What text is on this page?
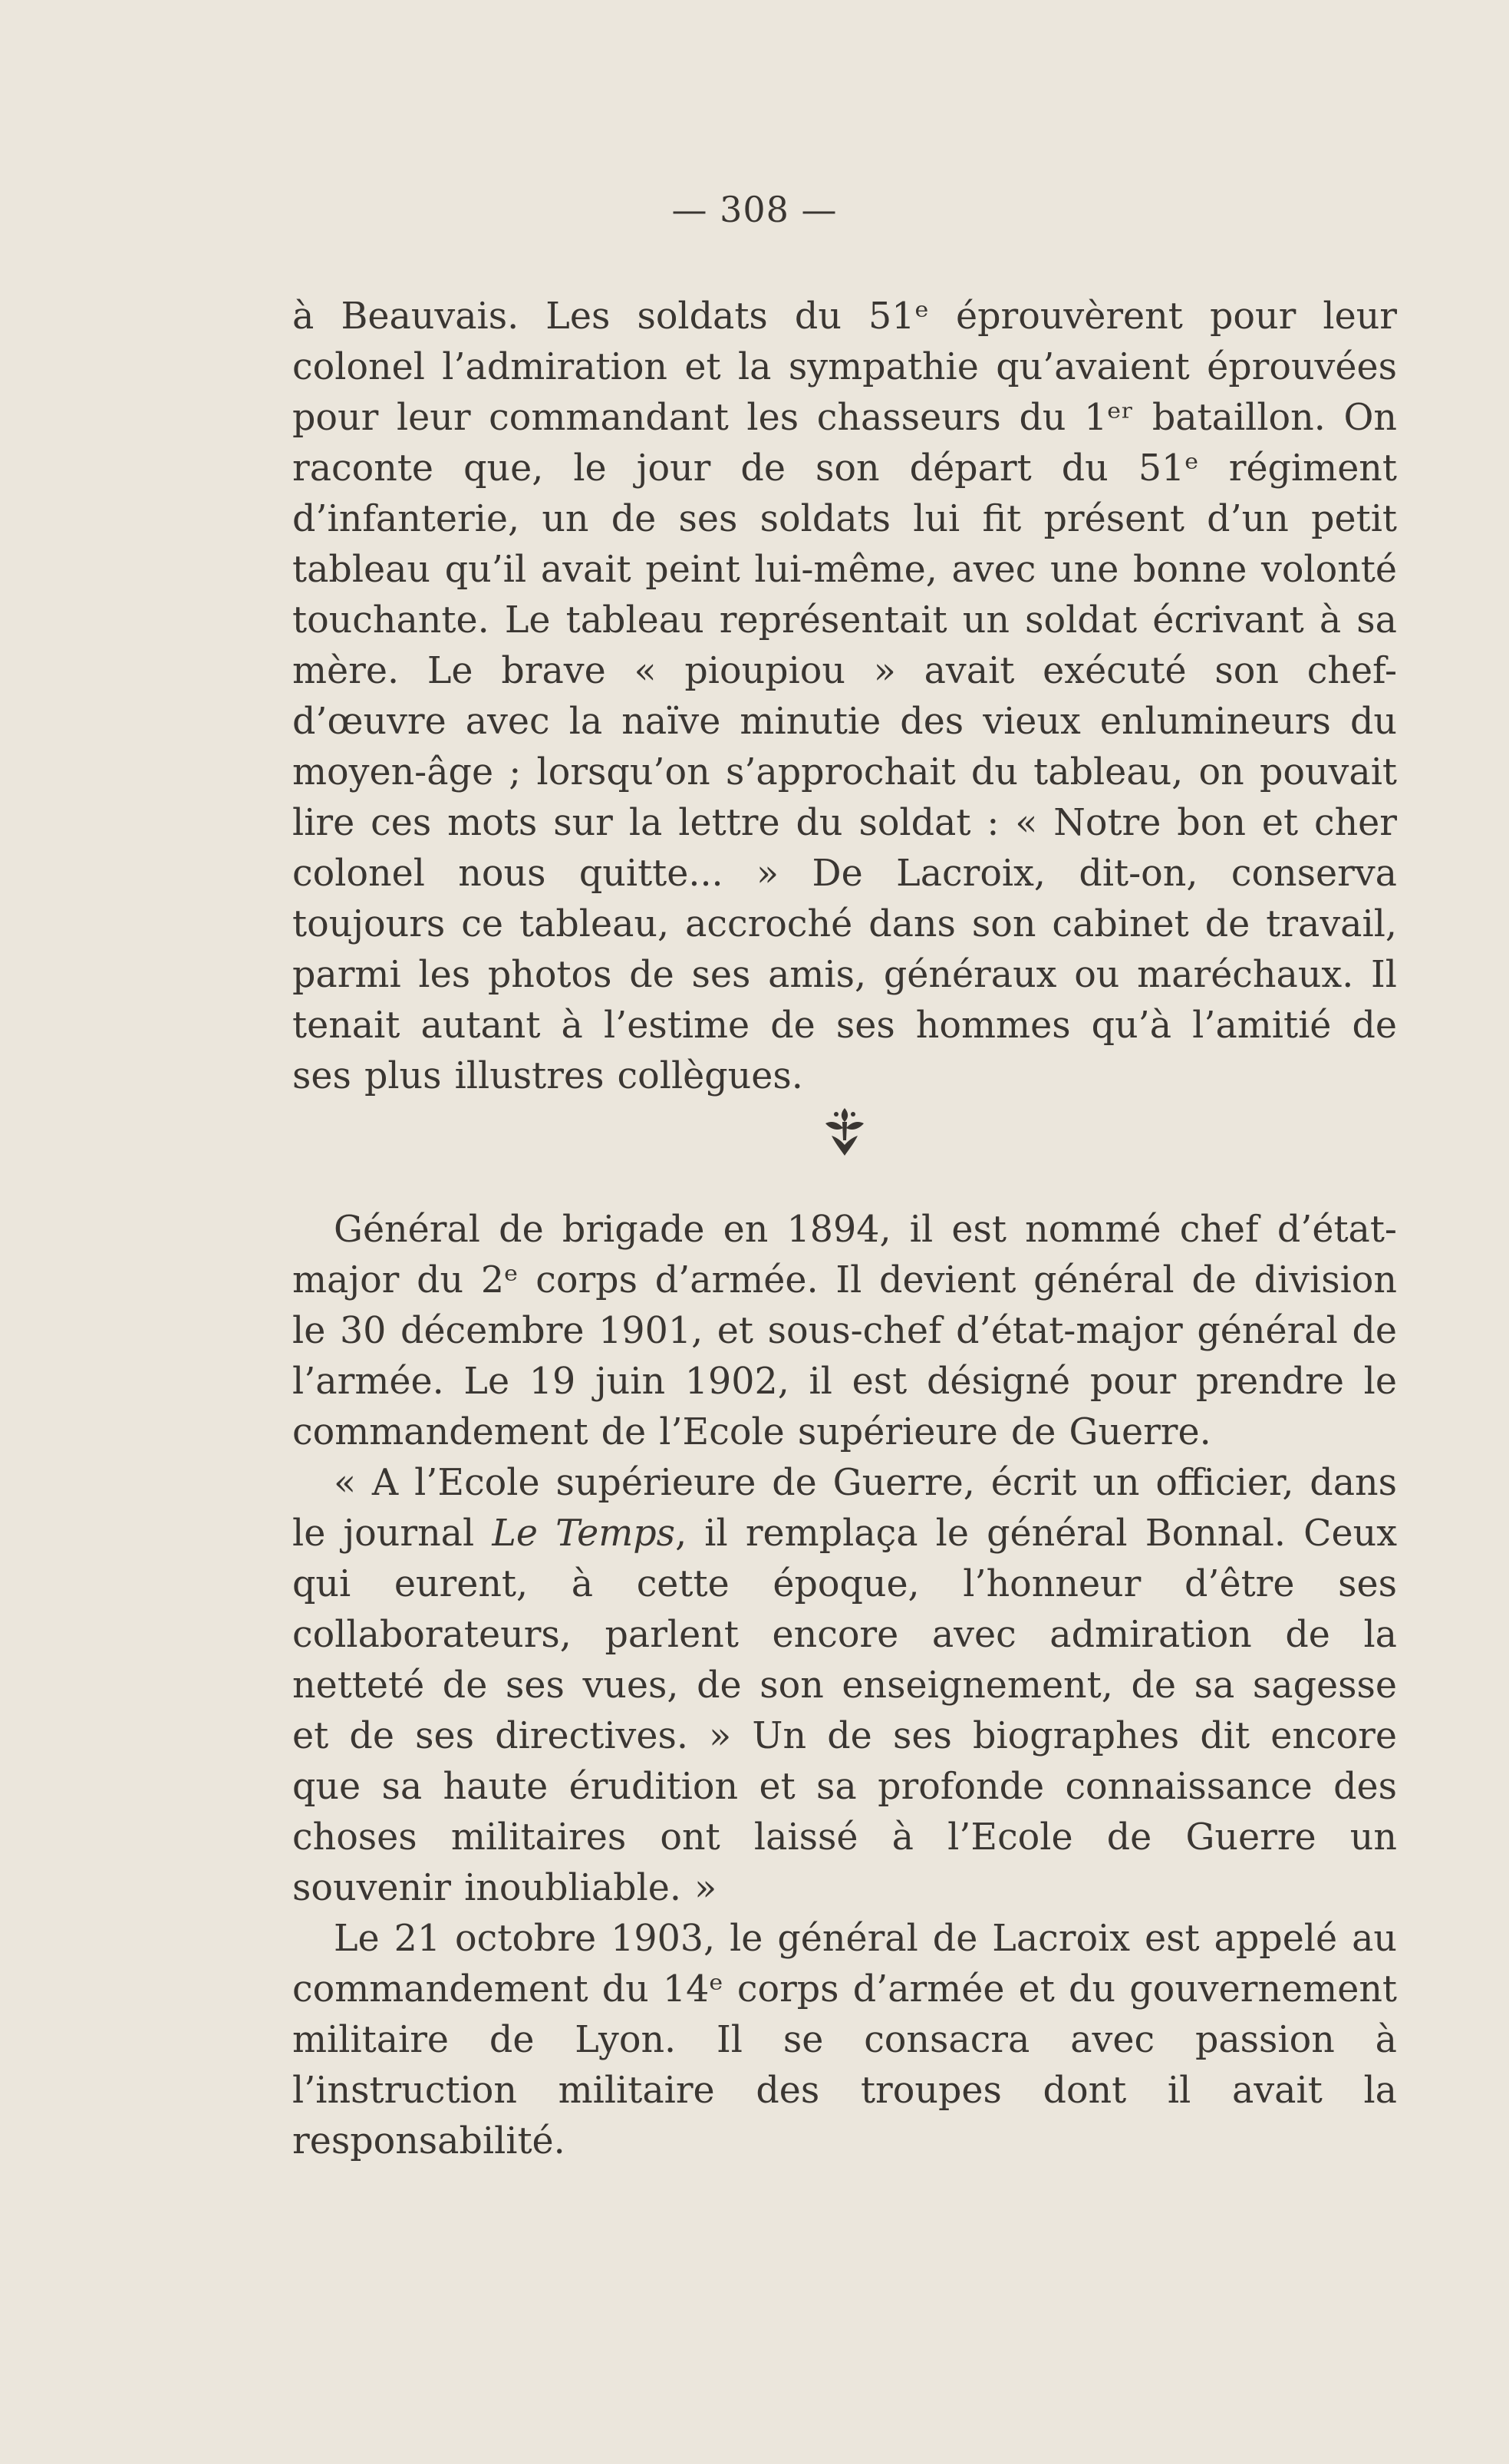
— 308 —

à Beauvais. Les soldats du 51ᵉ éprouvèrent pour leur colonel l’admiration et la sympathie qu’avaient éprouvées pour leur commandant les chasseurs du 1ᵉʳ bataillon. On raconte que, le jour de son départ du 51ᵉ régiment d’infanterie, un de ses soldats lui fit présent d’un petit tableau qu’il avait peint lui-même, avec une bonne volonté touchante. Le tableau représentait un soldat écrivant à sa mère. Le brave « pioupiou » avait exécuté son chef-d’œuvre avec la naïve minutie des vieux enlumineurs du moyen-âge ; lorsqu’on s’approchait du tableau, on pouvait lire ces mots sur la lettre du soldat : « Notre bon et cher colonel nous quitte... » De Lacroix, dit-on, conserva toujours ce tableau, accroché dans son cabinet de travail, parmi les photos de ses amis, généraux ou maréchaux. Il tenait autant à l’estime de ses hommes qu’à l’amitié de ses plus illustres collègues.

Général de brigade en 1894, il est nommé chef d’état-major du 2ᵉ corps d’armée. Il devient général de division le 30 décembre 1901, et sous-chef d’état-major général de l’armée. Le 19 juin 1902, il est désigné pour prendre le commandement de l’Ecole supérieure de Guerre.

« A l’Ecole supérieure de Guerre, écrit un officier, dans le journal Le Temps, il remplaça le général Bonnal. Ceux qui eurent, à cette époque, l’honneur d’être ses collaborateurs, parlent encore avec admiration de la netteté de ses vues, de son enseignement, de sa sagesse et de ses directives. » Un de ses biographes dit encore que sa haute érudition et sa profonde connaissance des choses militaires ont laissé à l’Ecole de Guerre un souvenir inoubliable. »

Le 21 octobre 1903, le général de Lacroix est appelé au commandement du 14ᵉ corps d’armée et du gouvernement militaire de Lyon. Il se consacra avec passion à l’instruction militaire des troupes dont il avait la responsabilité.
